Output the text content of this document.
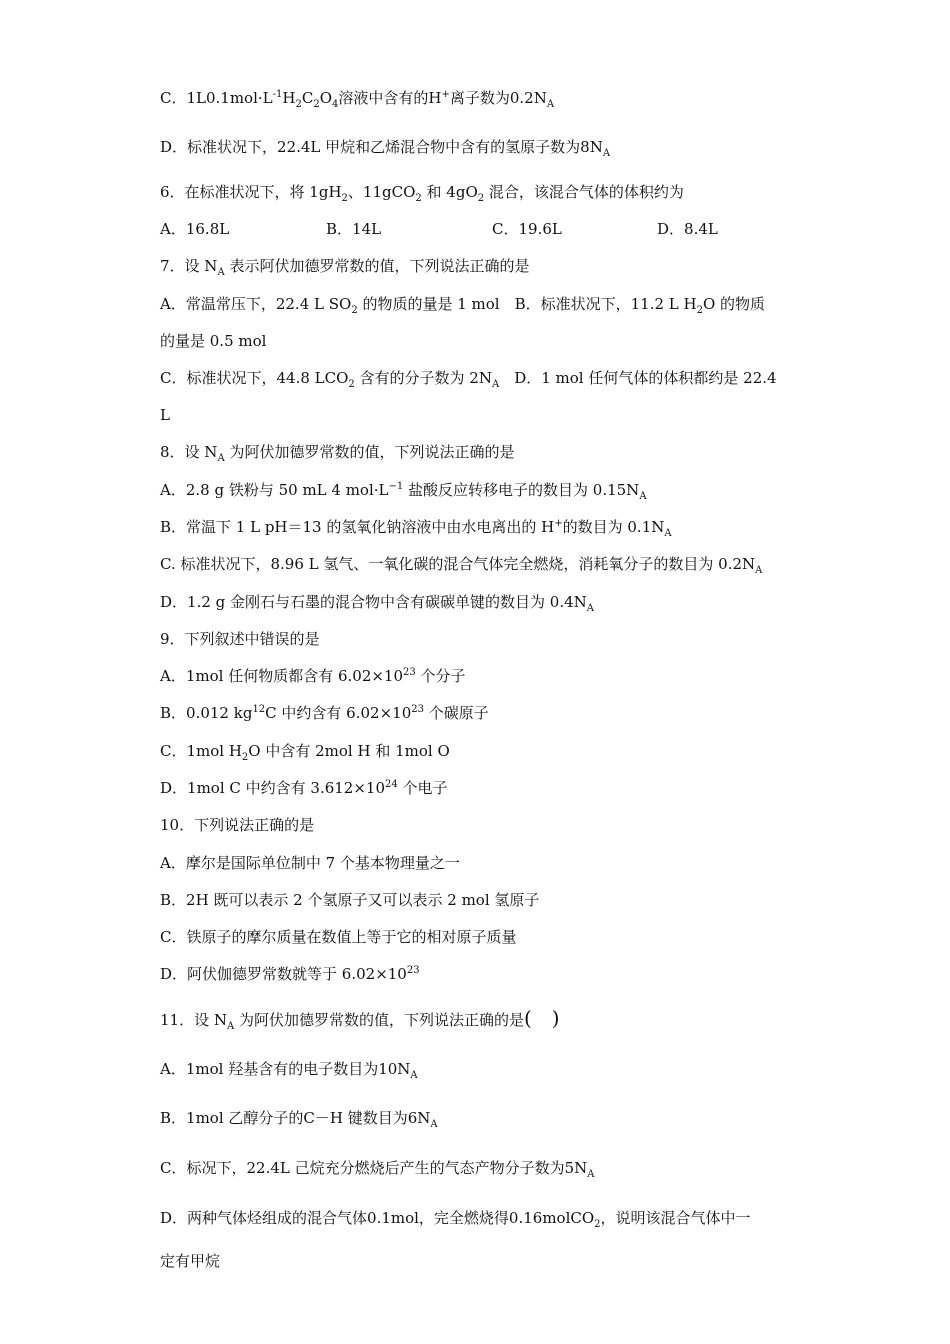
C．$1L0.1mol\cdot L^{-1}H_2C_2O_4$溶液中含有的H+离子数为$0.2N_A$
D．标准状况下，22.4L 甲烷和乙烯混合物中含有的氢原子数为$8N_A$
6．在标准状况下，将 $1gH_2$、11gCO$_2$ 和 $4gO_2$ 混合，该混合气体的体积约为
A．16.8L	B．14L	C．19.6L	D．8.4L
7．设 $N_A$ 表示阿伏加德罗常数的值，下列说法正确的是
A．常温常压下，22.4 L $SO_2$ 的物质的量是 1 mol　B．标准状况下，11.2 L $H_2O$ 的物质
的量是 0.5 mol
C．标准状况下，44.8 $LCO_2$ 含有的分子数为 $2N_A$　D．1 mol 任何气体的体积都约是 22.4
L
8．设 $N_A$ 为阿伏加德罗常数的值，下列说法正确的是
A．2.8 g 铁粉与 50 mL 4 $mol\cdot L^{-1}$ 盐酸反应转移电子的数目为 $0.15N_A$
B．常温下 1 L pH＝13 的氢氧化钠溶液中由水电离出的 H+的数目为 $0.1N_A$
C. 标准状况下，8.96 L 氢气、一氧化碳的混合气体完全燃烧，消耗氧分子的数目为 $0.2N_A$
D．1.2 g 金刚石与石墨的混合物中含有碳碳单键的数目为 $0.4N_A$
9．下列叙述中错误的是
A．1mol 任何物质都含有 $6.02\times 10^{23}$ 个分子
B．0.012 $kg^{12}C$ 中约含有 $6.02\times 10^{23}$ 个碳原子
C．1mol $H_2O$ 中含有 2mol H 和 1mol O
D．1mol C 中约含有 $3.612\times 10^{24}$ 个电子
10．下列说法正确的是
A．摩尔是国际单位制中 7 个基本物理量之一
B．2H 既可以表示 2 个氢原子又可以表示 2 mol 氢原子
C．铁原子的摩尔质量在数值上等于它的相对原子质量
D．阿伏伽德罗常数就等于 $6.02\times 10^{23}$
11．设 $N_A$ 为阿伏加德罗常数的值，下列说法正确的是(　)
A．1mol 羟基含有的电子数目为$10N_A$
B．1mol 乙醇分子的C－H 键数目为$6N_A$
C．标况下，22.4L 己烷充分燃烧后产生的气态产物分子数为$5N_A$
D．两种气体烃组成的混合气体0.1mol，完全燃烧得0.16molCO$_2$，说明该混合气体中一
定有甲烷
